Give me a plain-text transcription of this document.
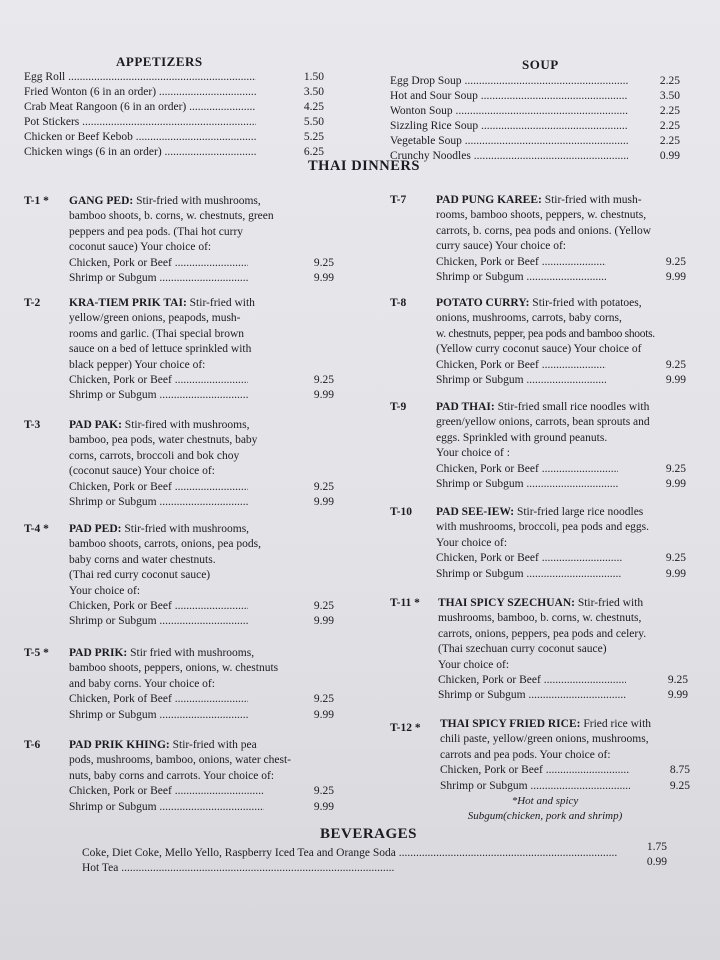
APPETIZERS
Egg Roll .....	1.50
Fried Wonton (6 in an order) .....	3.50
Crab Meat Rangoon (6 in an order) .....	4.25
Pot Stickers .....	5.50
Chicken or Beef Kebob .....	5.25
Chicken wings (6 in an order) .....	6.25
SOUP
Egg Drop Soup .....	2.25
Hot and Sour Soup .....	3.50
Wonton Soup .....	2.25
Sizzling Rice Soup .....	2.25
Vegetable Soup .....	2.25
Crunchy Noodles .....	0.99
THAI DINNERS
T-1 * GANG PED: Stir-fried with mushrooms,
bamboo shoots, b. corns, w. chestnuts, green
peppers and pea pods. (Thai hot curry
coconut sauce) Your choice of:
Chicken, Pork or Beef .....	9.25
Shrimp or Subgum .....	9.99
T-2	KRA-TIEM PRIK TAI: Stir-fried with
yellow/green onions, peapods, mush-
rooms and garlic. (Thai special brown
sauce on a bed of lettuce sprinkled with
black pepper) Your choice of:
Chicken, Pork or Beef .....	9.25
Shrimp or Subgum .....	9.99
T-3	PAD PAK: Stir-fired with mushrooms,
bamboo, pea pods, water chestnuts, baby
corns, carrots, broccoli and bok choy
(coconut sauce) Your choice of:
Chicken, Pork or Beef .....	9.25
Shrimp or Subgum .....	9.99
T-4 * PAD PED: Stir-fried with mushrooms,
bamboo shoots, carrots, onions, pea pods,
baby corns and water chestnuts.
(Thai red curry coconut sauce)
Your choice of:
Chicken, Pork or Beef .....	9.25
Shrimp or Subgum .....	9.99
T-5 * PAD PRIK: Stir fried with mushrooms,
bamboo shoots, peppers, onions, w. chestnuts
and baby corns. Your choice of:
Chicken, Pork of Beef .....	9.25
Shrimp or Subgum .....	9.99
T-6	PAD PRIK KHING: Stir-fried with pea
pods, mushrooms, bamboo, onions, water chest-
nuts, baby corns and carrots. Your choice of:
Chicken, Pork or Beef .....	9.25
Shrimp or Subgum .....	9.99
T-7	PAD PUNG KAREE: Stir-fried with mush-
rooms, bamboo shoots, peppers, w. chestnuts,
carrots, b. corns, pea pods and onions. (Yellow
curry sauce) Your choice of:
Chicken, Pork or Beef .....	9.25
Shrimp or Subgum .....	9.99
T-8	POTATO CURRY: Stir-fried with potatoes,
onions, mushrooms, carrots, baby corns,
w. chestnuts, pepper, pea pods and bamboo shoots.
(Yellow curry coconut sauce) Your choice of
Chicken, Pork or Beef .....	9.25
Shrimp or Subgum .....	9.99
T-9	PAD THAI: Stir-fried small rice noodles with
green/yellow onions, carrots, bean sprouts and
eggs. Sprinkled with ground peanuts.
Your choice of :
Chicken, Pork or Beef .....	9.25
Shrimp or Subgum .....	9.99
T-10 PAD SEE-IEW: Stir-fried large rice noodles
with mushrooms, broccoli, pea pods and eggs.
Your choice of:
Chicken, Pork or Beef .....	9.25
Shrimp or Subgum .....	9.99
T-11 * THAI SPICY SZECHUAN: Stir-fried with
mushrooms, bamboo, b. corns, w. chestnuts,
carrots, onions, peppers, pea pods and celery.
(Thai szechuan curry coconut sauce)
Your choice of:
Chicken, Pork or Beef .....	9.25
Shrimp or Subgum .....	9.99
T-12 * THAI SPICY FRIED RICE: Fried rice with
chili paste, yellow/green onions, mushrooms,
carrots and pea pods. Your choice of:
Chicken, Pork or Beef .....	8.75
Shrimp or Subgum .....	9.25
*Hot and spicy
Subgum(chicken, pork and shrimp)
BEVERAGES
Coke, Diet Coke, Mello Yello, Raspberry Iced Tea and Orange Soda .....	1.75
Hot Tea .....	0.99
